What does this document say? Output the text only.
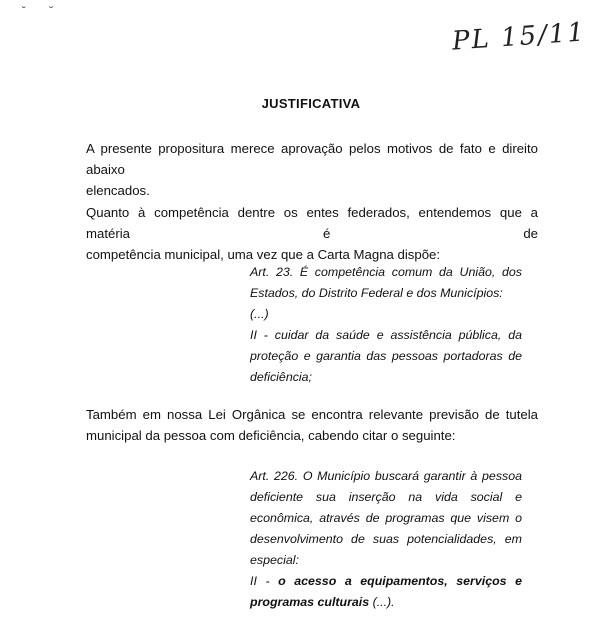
˘ ˘
PL 15/11
JUSTIFICATIVA
A presente propositura merece aprovação pelos motivos de fato e direito abaixo
elencados.
Quanto à competência dentre os entes federados, entendemos que a matéria é de
competência municipal, uma vez que a Carta Magna dispõe:
Art. 23. É competência comum da União, dos
Estados, do Distrito Federal e dos Municípios:
(...)
II - cuidar da saúde e assistência pública, da
proteção e garantia das pessoas portadoras de
deficiência;
Também em nossa Lei Orgânica se encontra relevante previsão de tutela
municipal da pessoa com deficiência, cabendo citar o seguinte:
Art. 226. O Município buscará garantir à pessoa
deficiente sua inserção na vida social e
econômica, através de programas que visem o
desenvolvimento de suas potencialidades, em
especial:
II - o acesso a equipamentos, serviços e
programas culturais (...).
